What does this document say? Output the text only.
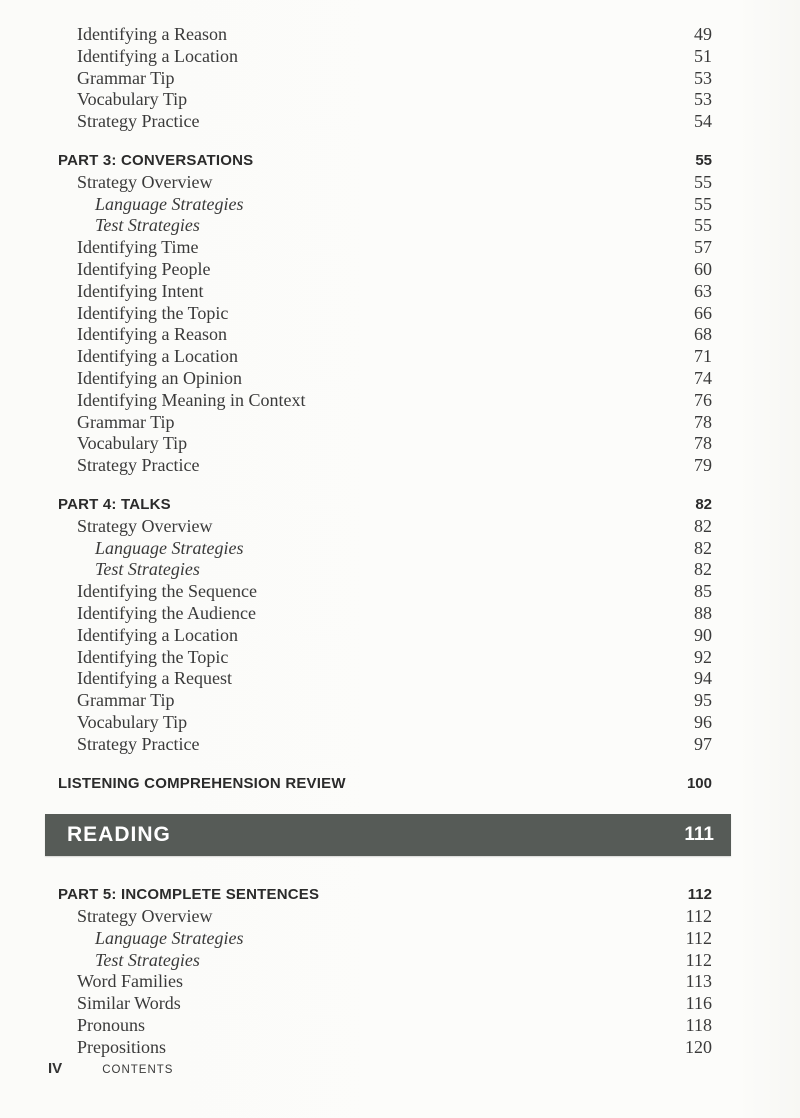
Identifying a Reason	49
Identifying a Location	51
Grammar Tip	53
Vocabulary Tip	53
Strategy Practice	54
PART 3: CONVERSATIONS	55
Strategy Overview	55
Language Strategies	55
Test Strategies	55
Identifying Time	57
Identifying People	60
Identifying Intent	63
Identifying the Topic	66
Identifying a Reason	68
Identifying a Location	71
Identifying an Opinion	74
Identifying Meaning in Context	76
Grammar Tip	78
Vocabulary Tip	78
Strategy Practice	79
PART 4: TALKS	82
Strategy Overview	82
Language Strategies	82
Test Strategies	82
Identifying the Sequence	85
Identifying the Audience	88
Identifying a Location	90
Identifying the Topic	92
Identifying a Request	94
Grammar Tip	95
Vocabulary Tip	96
Strategy Practice	97
LISTENING COMPREHENSION REVIEW	100
READING	111
PART 5: INCOMPLETE SENTENCES	112
Strategy Overview	112
Language Strategies	112
Test Strategies	112
Word Families	113
Similar Words	116
Pronouns	118
Prepositions	120
IV	CONTENTS
